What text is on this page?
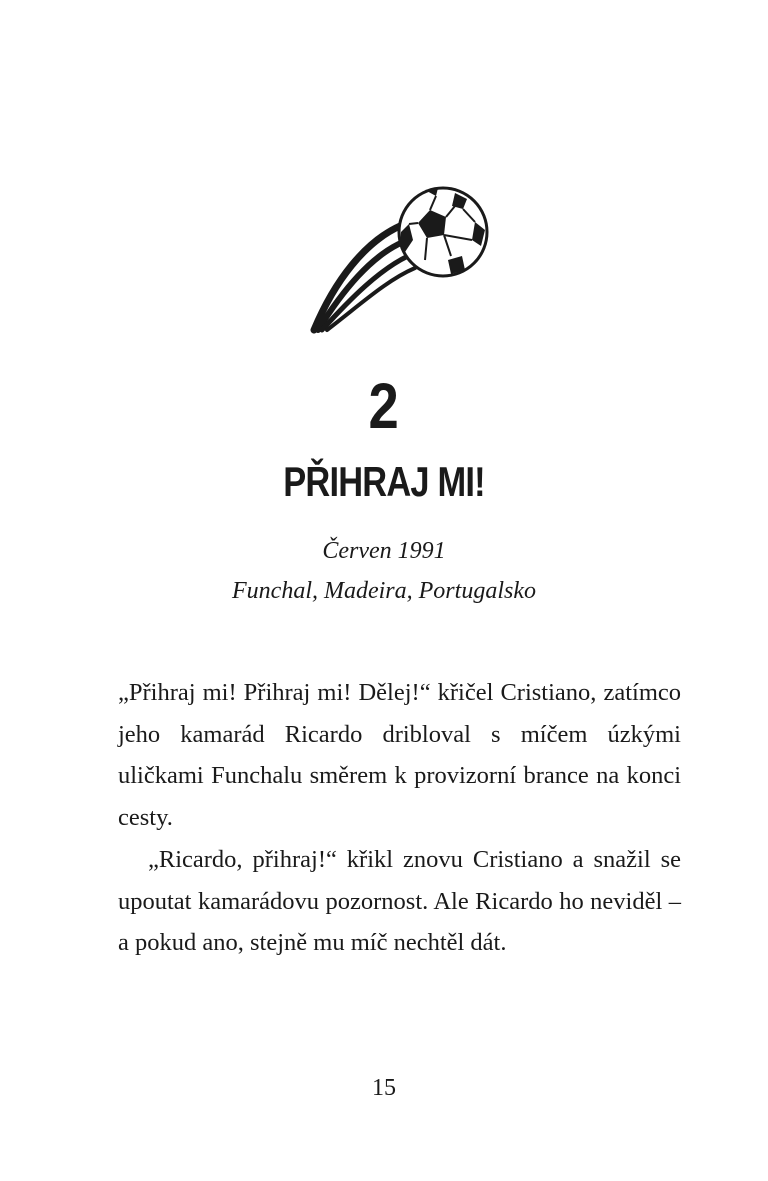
2
PŘIHRAJ MI!
Červen 1991
Funchal, Madeira, Portugalsko

„Přihraj mi! Přihraj mi! Dělej!“ křičel Cristiano, zatímco jeho kamarád Ricardo dribloval s míčem úzkými uličkami Funchalu směrem k provizorní brance na konci cesty.

„Ricardo, přihraj!“ křikl znovu Cristiano a snažil se upoutat kamarádovu pozornost. Ale Ricardo ho neviděl – a pokud ano, stejně mu míč nechtěl dát.

15
